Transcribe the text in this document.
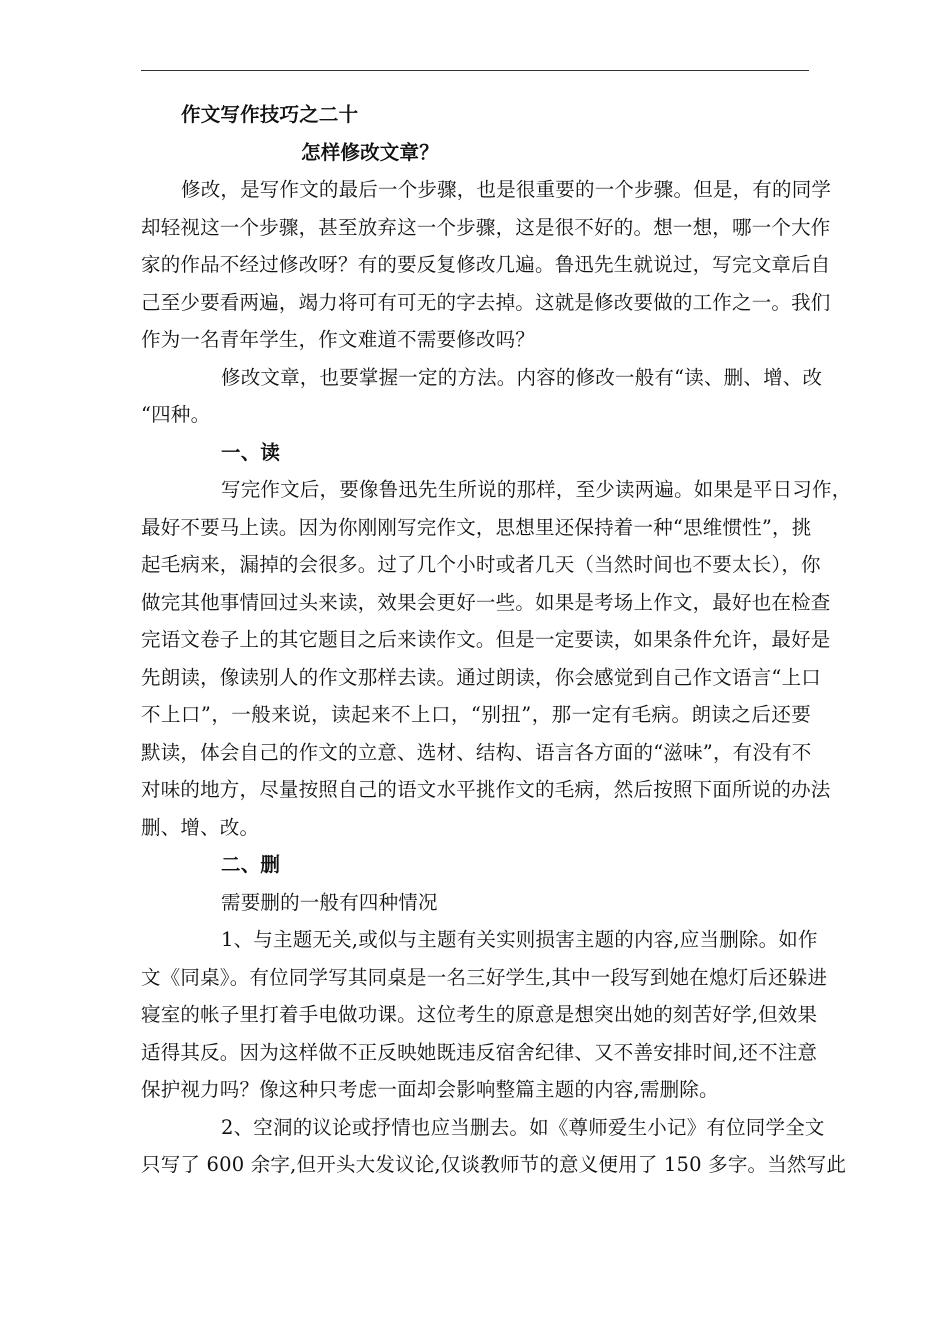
作文写作技巧之二十
怎样修改文章？
修改，是写作文的最后一个步骤，也是很重要的一个步骤。但是，有的同学
却轻视这一个步骤，甚至放弃这一个步骤，这是很不好的。想一想，哪一个大作
家的作品不经过修改呀？有的要反复修改几遍。鲁迅先生就说过，写完文章后自
己至少要看两遍，竭力将可有可无的字去掉。这就是修改要做的工作之一。我们
作为一名青年学生，作文难道不需要修改吗？
修改文章，也要掌握一定的方法。内容的修改一般有“读、删、增、改
“四种。
一、读
写完作文后，要像鲁迅先生所说的那样，至少读两遍。如果是平日习作，
最好不要马上读。因为你刚刚写完作文，思想里还保持着一种“思维惯性”，挑
起毛病来，漏掉的会很多。过了几个小时或者几天（当然时间也不要太长），你
做完其他事情回过头来读，效果会更好一些。如果是考场上作文，最好也在检查
完语文卷子上的其它题目之后来读作文。但是一定要读，如果条件允许，最好是
先朗读，像读别人的作文那样去读。通过朗读，你会感觉到自己作文语言“上口
不上口”，一般来说，读起来不上口，“别扭”，那一定有毛病。朗读之后还要
默读，体会自己的作文的立意、选材、结构、语言各方面的“滋味”，有没有不
对味的地方，尽量按照自己的语文水平挑作文的毛病，然后按照下面所说的办法
删、增、改。
二、删
需要删的一般有四种情况
1、与主题无关,或似与主题有关实则损害主题的内容,应当删除。如作
文《同桌》。有位同学写其同桌是一名三好学生,其中一段写到她在熄灯后还躲进
寝室的帐子里打着手电做功课。这位考生的原意是想突出她的刻苦好学,但效果
适得其反。因为这样做不正反映她既违反宿舍纪律、又不善安排时间,还不注意
保护视力吗？像这种只考虑一面却会影响整篇主题的内容,需删除。
2、空洞的议论或抒情也应当删去。如《尊师爱生小记》有位同学全文
只写了 600 余字,但开头大发议论,仅谈教师节的意义便用了 150 多字。当然写此
